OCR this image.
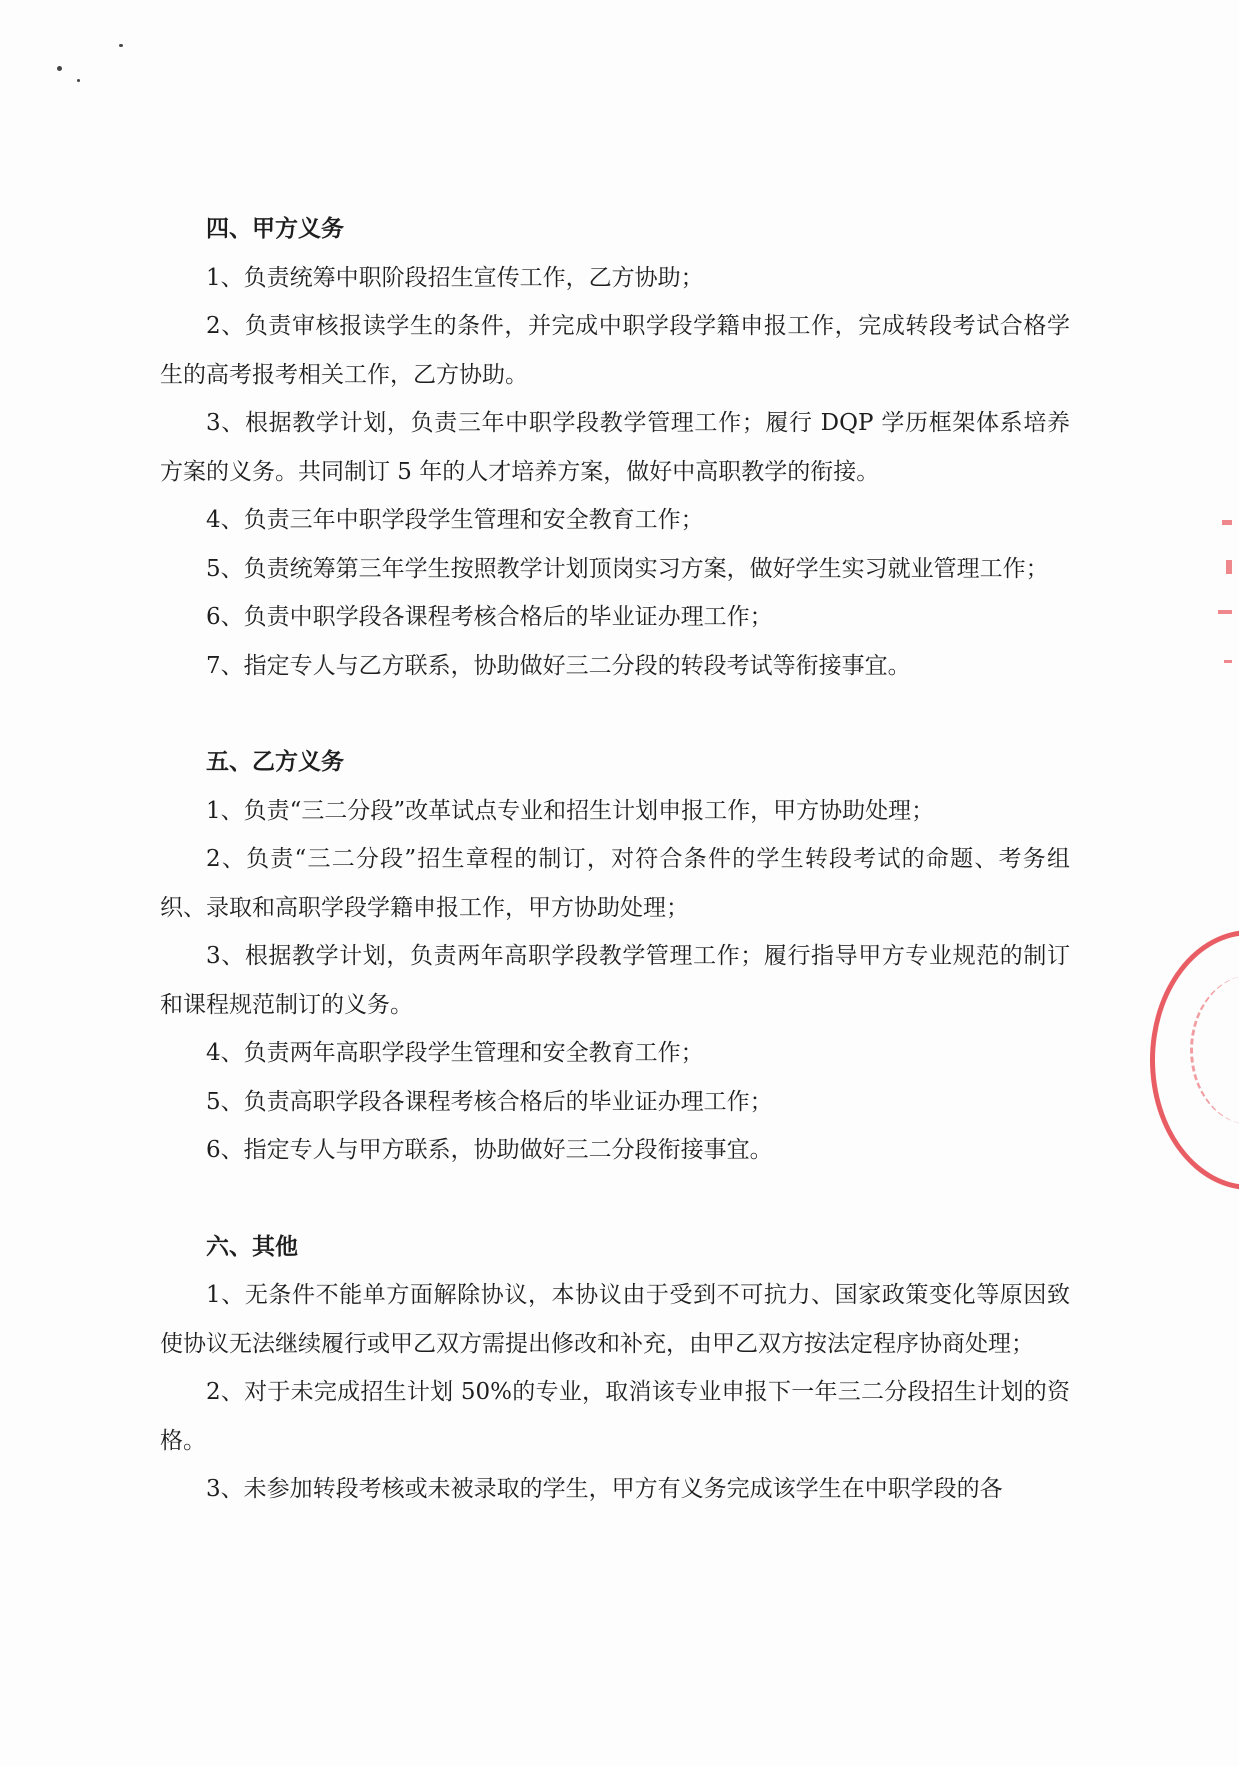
四、甲方义务

1、负责统筹中职阶段招生宣传工作，乙方协助；

2、负责审核报读学生的条件，并完成中职学段学籍申报工作，完成转段考试合格学生的高考报考相关工作，乙方协助。

3、根据教学计划，负责三年中职学段教学管理工作；履行 DQP 学历框架体系培养方案的义务。共同制订 5 年的人才培养方案，做好中高职教学的衔接。

4、负责三年中职学段学生管理和安全教育工作；

5、负责统筹第三年学生按照教学计划顶岗实习方案，做好学生实习就业管理工作；

6、负责中职学段各课程考核合格后的毕业证办理工作；

7、指定专人与乙方联系，协助做好三二分段的转段考试等衔接事宜。

五、乙方义务

1、负责“三二分段”改革试点专业和招生计划申报工作，甲方协助处理；

2、负责“三二分段”招生章程的制订，对符合条件的学生转段考试的命题、考务组织、录取和高职学段学籍申报工作，甲方协助处理；

3、根据教学计划，负责两年高职学段教学管理工作；履行指导甲方专业规范的制订和课程规范制订的义务。

4、负责两年高职学段学生管理和安全教育工作；

5、负责高职学段各课程考核合格后的毕业证办理工作；

6、指定专人与甲方联系，协助做好三二分段衔接事宜。

六、其他

1、无条件不能单方面解除协议，本协议由于受到不可抗力、国家政策变化等原因致使协议无法继续履行或甲乙双方需提出修改和补充，由甲乙双方按法定程序协商处理；

2、对于未完成招生计划 50%的专业，取消该专业申报下一年三二分段招生计划的资格。

3、未参加转段考核或未被录取的学生，甲方有义务完成该学生在中职学段的各
